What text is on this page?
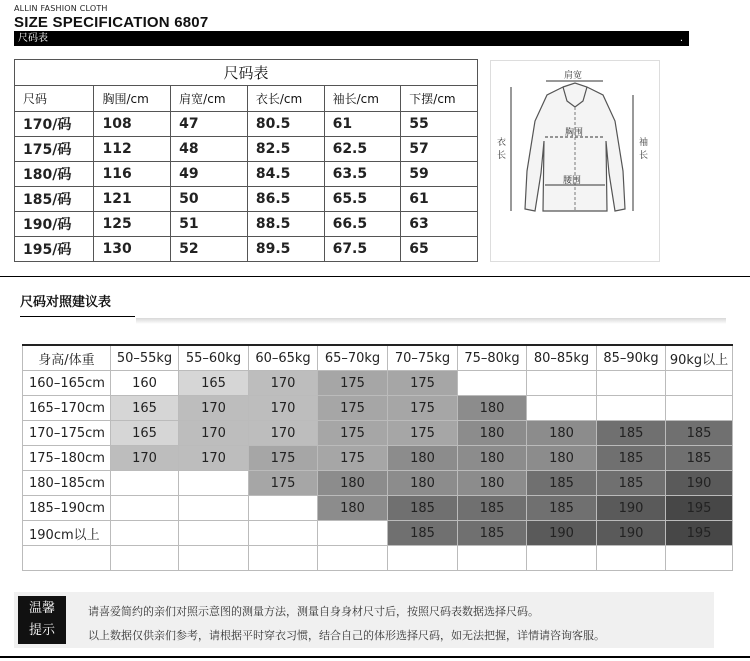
ALLIN FASHION CLOTH
SIZE SPECIFICATION 6807
尺码表	.
尺码表					
尺码	胸围/cm	肩宽/cm	衣长/cm	袖长/cm	下摆/cm
170/码	108	47	80.5	61	55
175/码	112	48	82.5	62.5	57
180/码	116	49	84.5	63.5	59
185/码	121	50	86.5	65.5	61
190/码	125	51	88.5	66.5	63
195/码	130	52	89.5	67.5	65
肩宽
胸围
腰围
衣
长
袖
长
尺码对照建议表
身高/体重	50–55kg	55–60kg	60–65kg	65–70kg	70–75kg	75–80kg	80–85kg	85–90kg	90kg以上
160–165cm	160	165	170	175	175				
165–170cm	165	170	170	175	175	180			
170–175cm	165	170	170	175	175	180	180	185	185
175–180cm	170	170	175	175	180	180	180	185	185
180–185cm			175	180	180	180	185	185	190
185–190cm				180	185	185	185	190	195
190cm以上					185	185	190	190	195

温馨
提示
请喜爱简约的亲们对照示意图的测量方法，测量自身身材尺寸后，按照尺码表数据选择尺码。
以上数据仅供亲们参考，请根据平时穿衣习惯，结合自己的体形选择尺码，如无法把握，详情请咨询客服。
